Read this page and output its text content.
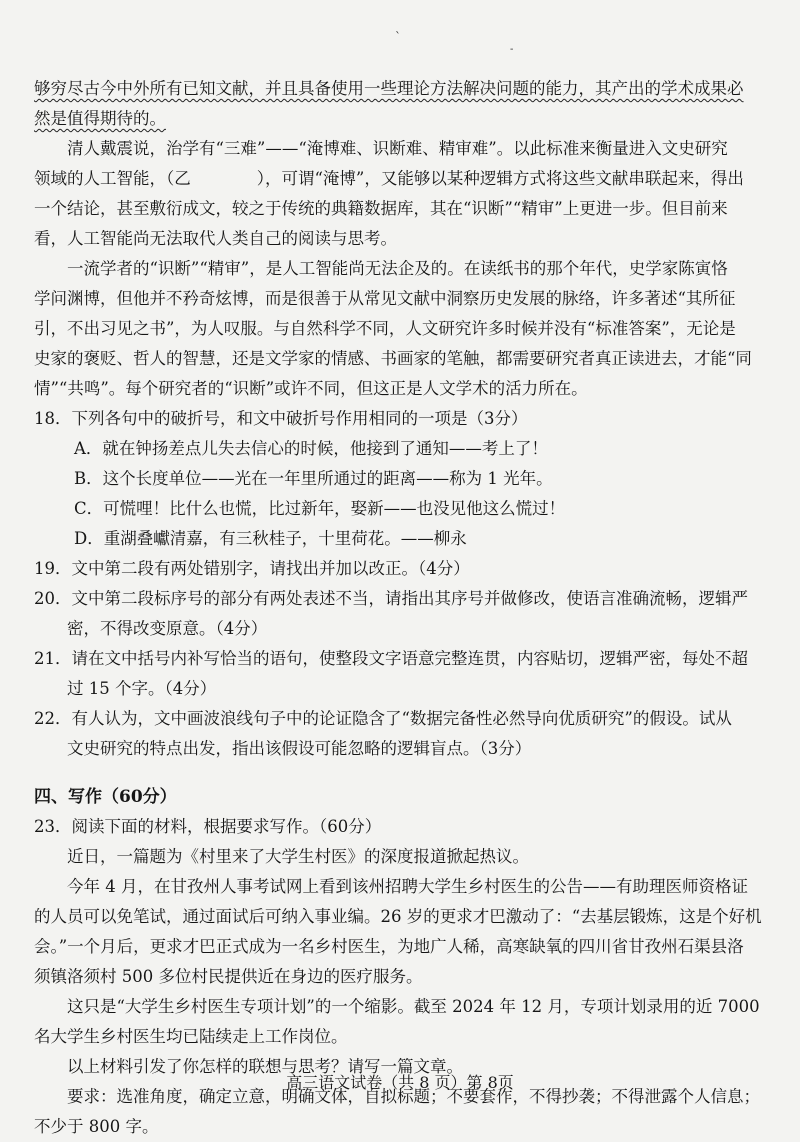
`
-
够穷尽古今中外所有已知文献，并且具备使用一些理论方法解决问题的能力，其产出的学术成果必
然是值得期待的。
清人戴震说，治学有“三难”——“淹博难、识断难、精审难”。以此标准来衡量进入文史研究
领域的人工智能，（乙　　　　），可谓“淹博”，又能够以某种逻辑方式将这些文献串联起来，得出
一个结论，甚至敷衍成文，较之于传统的典籍数据库，其在“识断”“精审”上更进一步。但目前来
看，人工智能尚无法取代人类自己的阅读与思考。
一流学者的“识断”“精审”，是人工智能尚无法企及的。在读纸书的那个年代，史学家陈寅恪
学问渊博，但他并不矜奇炫博，而是很善于从常见文献中洞察历史发展的脉络，许多著述“其所征
引，不出习见之书”，为人叹服。与自然科学不同，人文研究许多时候并没有“标准答案”，无论是
史家的褒贬、哲人的智慧，还是文学家的情感、书画家的笔触，都需要研究者真正读进去，才能“同
情”“共鸣”。每个研究者的“识断”或许不同，但这正是人文学术的活力所在。
18．下列各句中的破折号，和文中破折号作用相同的一项是（3分）
A．就在钟扬差点儿失去信心的时候，他接到了通知——考上了！
B．这个长度单位——光在一年里所通过的距离——称为 1 光年。
C．可慌哩！比什么也慌，比过新年，娶新——也没见他这么慌过！
D．重湖叠巘清嘉，有三秋桂子，十里荷花。——柳永
19．文中第二段有两处错别字，请找出并加以改正。（4分）
20．文中第二段标序号的部分有两处表述不当，请指出其序号并做修改，使语言准确流畅，逻辑严
密，不得改变原意。（4分）
21．请在文中括号内补写恰当的语句，使整段文字语意完整连贯，内容贴切，逻辑严密，每处不超
过 15 个字。（4分）
22．有人认为，文中画波浪线句子中的论证隐含了“数据完备性必然导向优质研究”的假设。试从
文史研究的特点出发，指出该假设可能忽略的逻辑盲点。（3分）
四、写作（60分）
23．阅读下面的材料，根据要求写作。（60分）
近日，一篇题为《村里来了大学生村医》的深度报道掀起热议。
今年 4 月，在甘孜州人事考试网上看到该州招聘大学生乡村医生的公告——有助理医师资格证
的人员可以免笔试，通过面试后可纳入事业编。26 岁的更求才巴激动了：“去基层锻炼，这是个好机
会。”一个月后，更求才巴正式成为一名乡村医生，为地广人稀，高寒缺氧的四川省甘孜州石渠县洛
须镇洛须村 500 多位村民提供近在身边的医疗服务。
这只是“大学生乡村医生专项计划”的一个缩影。截至 2024 年 12 月，专项计划录用的近 7000
名大学生乡村医生均已陆续走上工作岗位。
以上材料引发了你怎样的联想与思考？请写一篇文章。
要求：选准角度，确定立意，明确文体，自拟标题；不要套作，不得抄袭；不得泄露个人信息；
不少于 800 字。
高三语文试卷（共 8 页）第 8页
